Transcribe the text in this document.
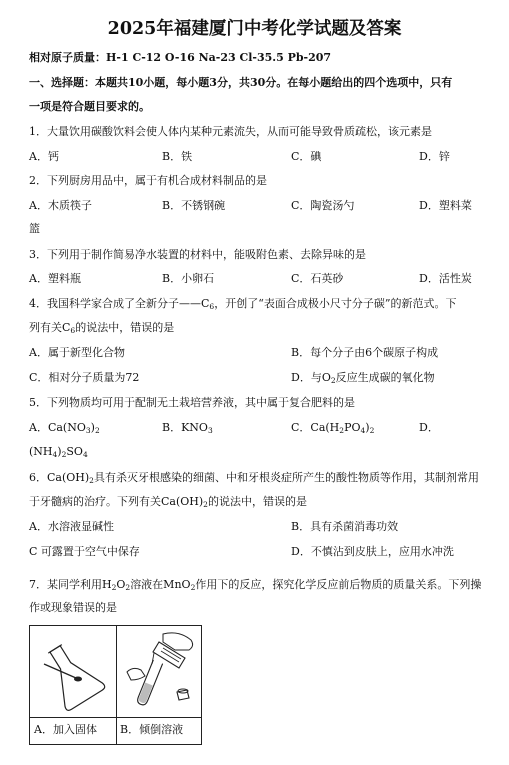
2025年福建厦门中考化学试题及答案
相对原子质量：H-1 C-12 O-16 Na-23 Cl-35.5 Pb-207
一、选择题：本题共10小题，每小题3分，共30分。在每小题给出的四个选项中，只有
一项是符合题目要求的。
1．大量饮用碳酸饮料会使人体内某种元素流失，从而可能导致骨质疏松，该元素是
A．钙	B．铁	C．碘	D．锌
2．下列厨房用品中，属于有机合成材料制品的是
A．木质筷子	B．不锈钢碗	C．陶瓷汤勺	D．塑料菜
篮
3．下列用于制作简易净水装置的材料中，能吸附色素、去除异味的是
A．塑料瓶	B．小卵石	C．石英砂	D．活性炭
4．我国科学家合成了全新分子$——C_6$，开创了“表面合成极小尺寸分子碳”的新范式。下
列有关$C_6$的说法中，错误的是
A．属于新型化合物	B．每个分子由6个碳原子构成
C．相对分子质量为72	D．与$O_2$反应生成碳的氧化物
5．下列物质均可用于配制无土栽培营养液，其中属于复合肥料的是
A．$Ca(NO_3)_2$	B．$KNO_3$	C．$Ca(H_2PO_4)_2$	D．
$(NH_4)_2SO_4$
6．$Ca(OH)_2$具有杀灭牙根感染的细菌、中和牙根炎症所产生的酸性物质等作用，其制剂常用
于牙髓病的治疗。下列有关$Ca(OH)_2$的说法中，错误的是
A．水溶液显碱性	B．具有杀菌消毒功效
C 可露置于空气中保存	D．不慎沾到皮肤上，应用水冲洗
7．某同学利用$H_2O_2$溶液在MnO$_2$作用下的反应，探究化学反应前后物质的质量关系。下列操
作或现象错误的是
A．加入固体 B．倾倒溶液
